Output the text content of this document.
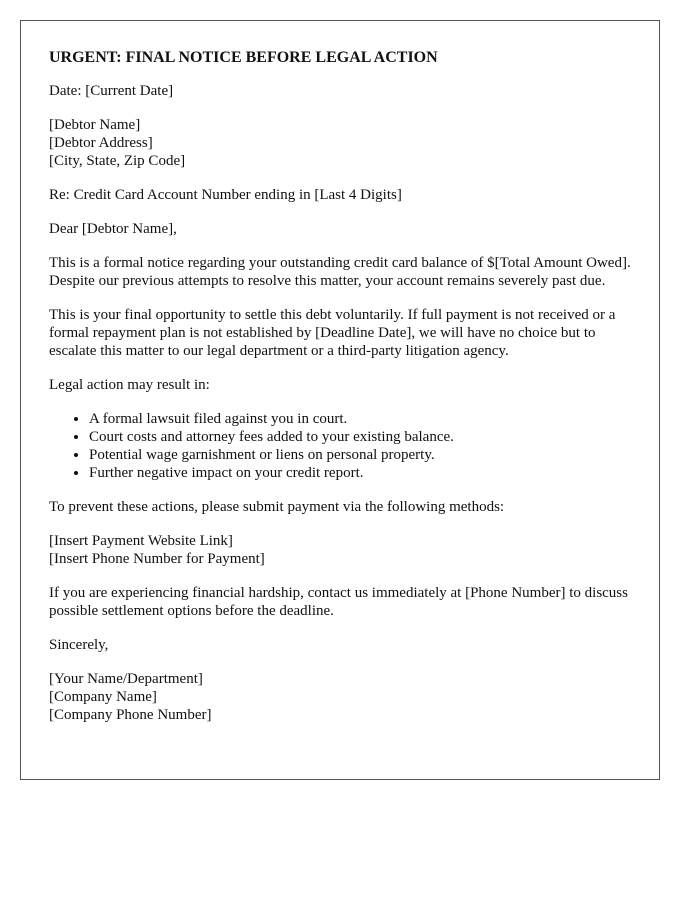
URGENT: FINAL NOTICE BEFORE LEGAL ACTION

Date: [Current Date]

[Debtor Name]
[Debtor Address]
[City, State, Zip Code]

Re: Credit Card Account Number ending in [Last 4 Digits]

Dear [Debtor Name],

This is a formal notice regarding your outstanding credit card balance of $[Total Amount Owed]. Despite our previous attempts to resolve this matter, your account remains severely past due.

This is your final opportunity to settle this debt voluntarily. If full payment is not received or a formal repayment plan is not established by [Deadline Date], we will have no choice but to escalate this matter to our legal department or a third-party litigation agency.

Legal action may result in:

• A formal lawsuit filed against you in court.
• Court costs and attorney fees added to your existing balance.
• Potential wage garnishment or liens on personal property.
• Further negative impact on your credit report.

To prevent these actions, please submit payment via the following methods:

[Insert Payment Website Link]
[Insert Phone Number for Payment]

If you are experiencing financial hardship, contact us immediately at [Phone Number] to discuss possible settlement options before the deadline.

Sincerely,

[Your Name/Department]
[Company Name]
[Company Phone Number]
